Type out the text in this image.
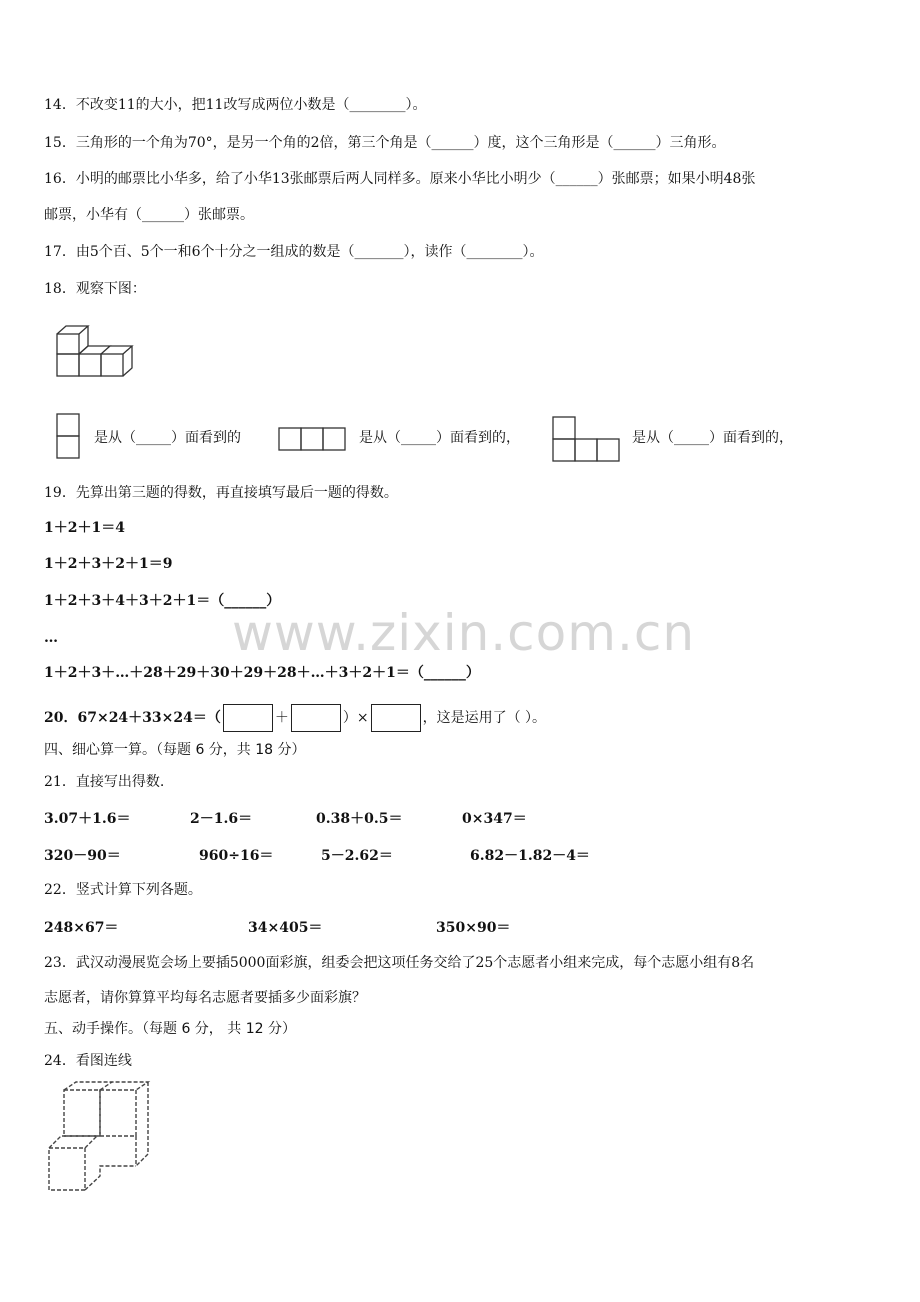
www.zixin.com.cn
14．不改变11的大小，把11改写成两位小数是（________）。
15．三角形的一个角为70°，是另一个角的2倍，第三个角是（______）度，这个三角形是（______）三角形。
16．小明的邮票比小华多，给了小华13张邮票后两人同样多。原来小华比小明少（______）张邮票；如果小明48张
邮票，小华有（______）张邮票。
17．由5个百、5个一和6个十分之一组成的数是（_______），读作（________）。
18．观察下图：
是从（_____）面看到的	是从（_____）面看到的，	是从（_____）面看到的，
19．先算出第三题的得数，再直接填写最后一题的得数。
1＋2＋1＝4
1＋2＋3＋2＋1＝9
1＋2＋3＋4＋3＋2＋1＝（______）
…
1＋2＋3＋…＋28＋29＋30＋29＋28＋…＋3＋2＋1＝（______）
20．67×24＋33×24＝（	＋	）×	，这是运用了（ ）。
四、细心算一算。（每题 6 分，共 18 分）
21．直接写出得数.
3.07＋1.6＝	2－1.6＝	0.38＋0.5＝	0×347＝
320－90＝	960÷16＝	5－2.62＝	6.82－1.82－4＝
22．竖式计算下列各题。
248×67＝	34×405＝	350×90＝
23．武汉动漫展览会场上要插5000面彩旗，组委会把这项任务交给了25个志愿者小组来完成，每个志愿小组有8名
志愿者，请你算算平均每名志愿者要插多少面彩旗？
五、动手操作。（每题 6 分， 共 12 分）
24．看图连线
